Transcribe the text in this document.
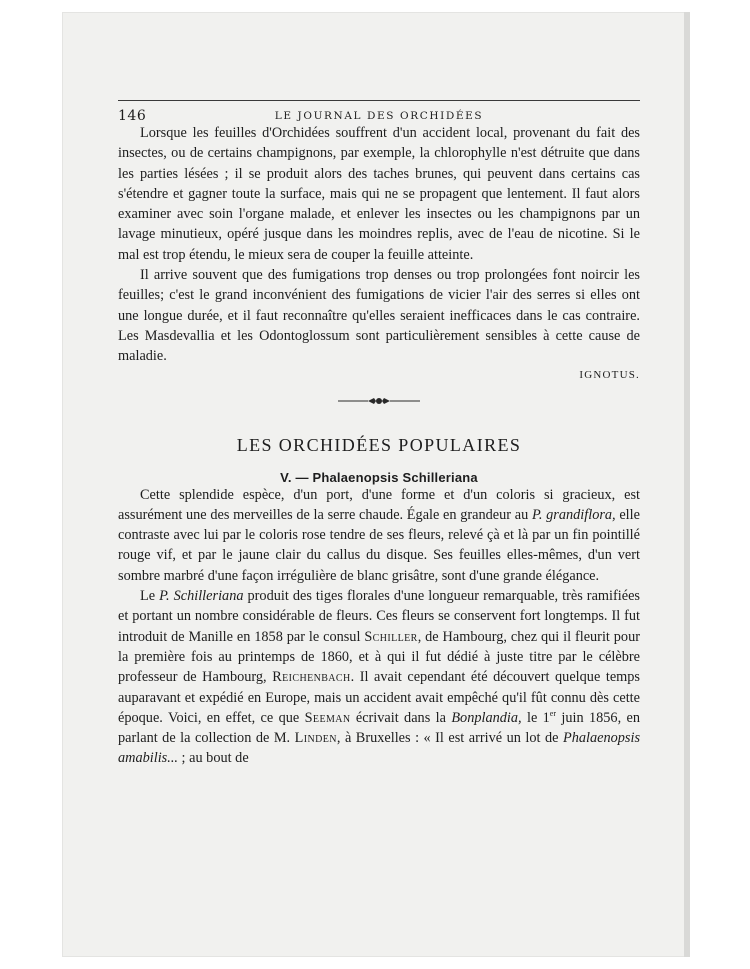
146	LE JOURNAL DES ORCHIDÉES

Lorsque les feuilles d'Orchidées souffrent d'un accident local, provenant du fait des insectes, ou de certains champignons, par exemple, la chlorophylle n'est détruite que dans les parties lésées ; il se produit alors des taches brunes, qui peuvent dans certains cas s'étendre et gagner toute la surface, mais qui ne se propagent que lentement. Il faut alors examiner avec soin l'organe malade, et enlever les insectes ou les champignons par un lavage minutieux, opéré jusque dans les moindres replis, avec de l'eau de nicotine. Si le mal est trop étendu, le mieux sera de couper la feuille atteinte.

Il arrive souvent que des fumigations trop denses ou trop prolongées font noircir les feuilles; c'est le grand inconvénient des fumigations de vicier l'air des serres si elles ont une longue durée, et il faut reconnaître qu'elles seraient inefficaces dans le cas contraire. Les Masdevallia et les Odontoglossum sont particulièrement sensibles à cette cause de maladie.

IGNOTUS.
LES ORCHIDÉES POPULAIRES
V. — Phalaenopsis Schilleriana

Cette splendide espèce, d'un port, d'une forme et d'un coloris si gracieux, est assurément une des merveilles de la serre chaude. Égale en grandeur au P. grandiflora, elle contraste avec lui par le coloris rose tendre de ses fleurs, relevé çà et là par un fin pointillé rouge vif, et par le jaune clair du callus du disque. Ses feuilles elles-mêmes, d'un vert sombre marbré d'une façon irrégulière de blanc grisâtre, sont d'une grande élégance.

Le P. Schilleriana produit des tiges florales d'une longueur remarquable, très ramifiées et portant un nombre considérable de fleurs. Ces fleurs se conservent fort longtemps. Il fut introduit de Manille en 1858 par le consul Schiller, de Hambourg, chez qui il fleurit pour la première fois au printemps de 1860, et à qui il fut dédié à juste titre par le célèbre professeur de Hambourg, Reichenbach. Il avait cependant été découvert quelque temps auparavant et expédié en Europe, mais un accident avait empêché qu'il fût connu dès cette époque. Voici, en effet, ce que Seeman écrivait dans la Bonplandia, le 1er juin 1856, en parlant de la collection de M. Linden, à Bruxelles : « Il est arrivé un lot de Phalaenopsis amabilis... ; au bout de
